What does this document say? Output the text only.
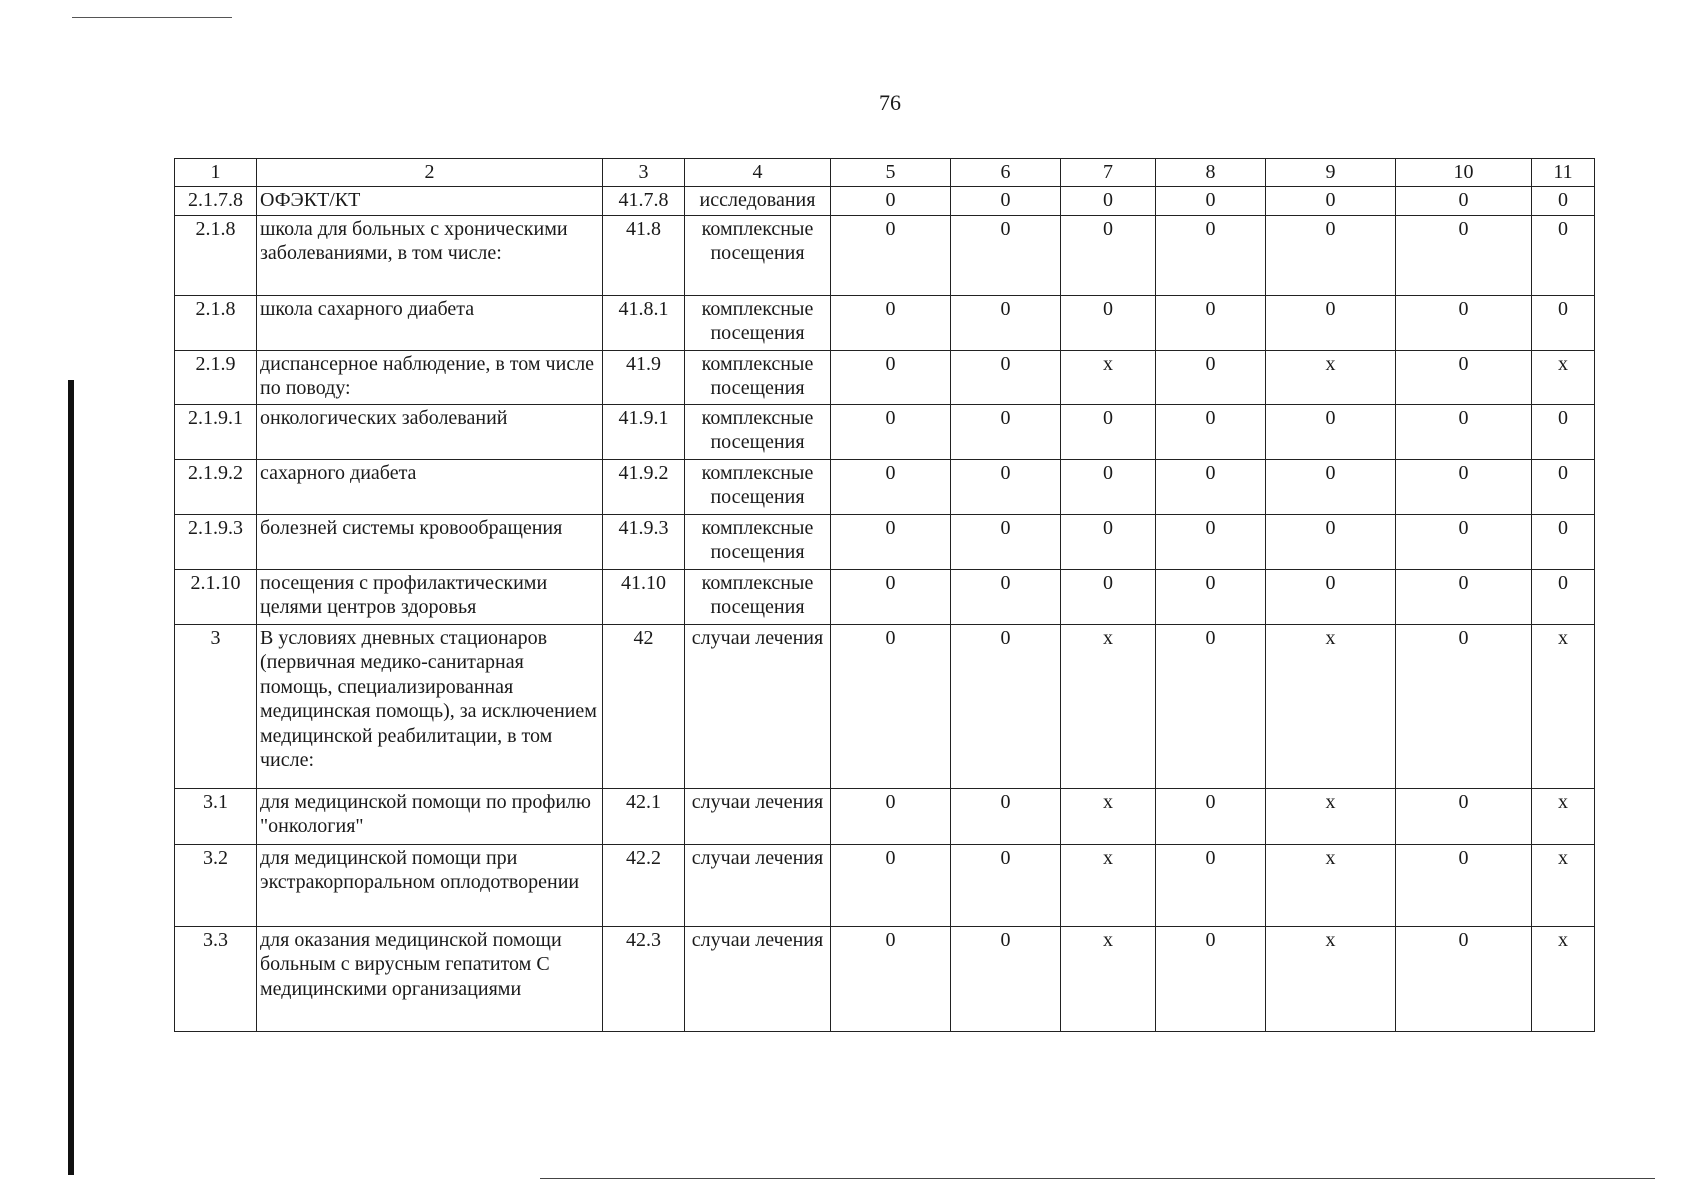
76
1	2	3	4	5	6	7	8	9	10	11
2.1.7.8	ОФЭКТ/КТ	41.7.8	исследования	0	0	0	0	0	0	0
2.1.8	школа для больных с хроническими заболеваниями, в том числе:	41.8	комплексные посещения	0	0	0	0	0	0	0
2.1.8	школа сахарного диабета	41.8.1	комплексные посещения	0	0	0	0	0	0	0
2.1.9	диспансерное наблюдение, в том числе по поводу:	41.9	комплексные посещения	0	0	x	0	x	0	x
2.1.9.1	онкологических заболеваний	41.9.1	комплексные посещения	0	0	0	0	0	0	0
2.1.9.2	сахарного диабета	41.9.2	комплексные посещения	0	0	0	0	0	0	0
2.1.9.3	болезней системы кровообращения	41.9.3	комплексные посещения	0	0	0	0	0	0	0
2.1.10	посещения с профилактическими целями центров здоровья	41.10	комплексные посещения	0	0	0	0	0	0	0
3	В условиях дневных стационаров (первичная медико-санитарная помощь, специализированная медицинская помощь), за исключением медицинской реабилитации, в том числе:	42	случаи лечения	0	0	x	0	x	0	x
3.1	для медицинской помощи по профилю "онкология"	42.1	случаи лечения	0	0	x	0	x	0	x
3.2	для медицинской помощи при экстракорпоральном оплодотворении	42.2	случаи лечения	0	0	x	0	x	0	x
3.3	для оказания медицинской помощи больным с вирусным гепатитом С медицинскими организациями	42.3	случаи лечения	0	0	x	0	x	0	x
